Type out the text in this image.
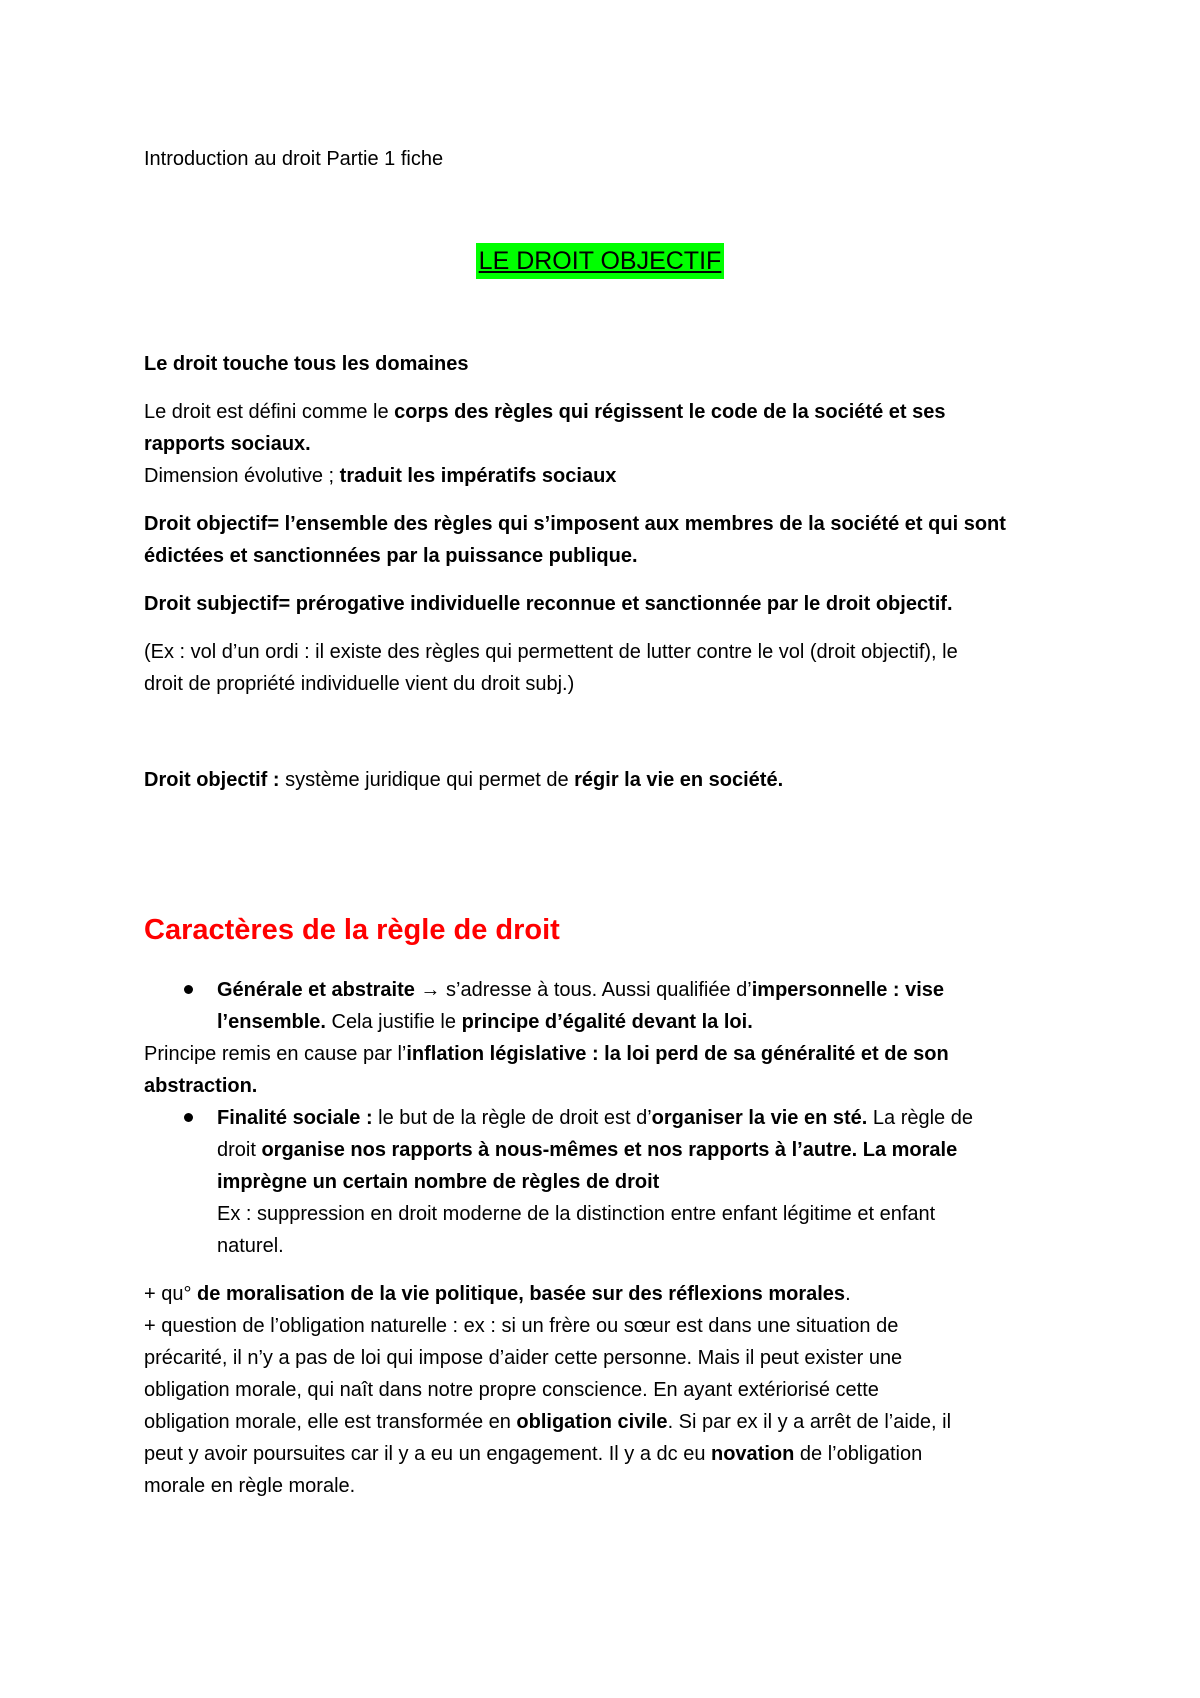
Introduction au droit Partie 1 fiche
LE DROIT OBJECTIF
Le droit touche tous les domaines
Le droit est défini comme le corps des règles qui régissent le code de la société et ses
rapports sociaux.
Dimension évolutive ; traduit les impératifs sociaux
Droit objectif= l’ensemble des règles qui s’imposent aux membres de la société et qui sont
édictées et sanctionnées par la puissance publique.
Droit subjectif= prérogative individuelle reconnue et sanctionnée par le droit objectif.
(Ex : vol d’un ordi : il existe des règles qui permettent de lutter contre le vol (droit objectif), le
droit de propriété individuelle vient du droit subj.)
Droit objectif : système juridique qui permet de régir la vie en société.
Caractères de la règle de droit
Générale et abstraite → s’adresse à tous. Aussi qualifiée d’impersonnelle : vise
l’ensemble. Cela justifie le principe d’égalité devant la loi.
Principe remis en cause par l’inflation législative : la loi perd de sa généralité et de son
abstraction.
Finalité sociale : le but de la règle de droit est d’organiser la vie en sté. La règle de
droit organise nos rapports à nous-mêmes et nos rapports à l’autre. La morale
imprègne un certain nombre de règles de droit
Ex : suppression en droit moderne de la distinction entre enfant légitime et enfant
naturel.
+ qu° de moralisation de la vie politique, basée sur des réflexions morales.
+ question de l’obligation naturelle : ex : si un frère ou sœur est dans une situation de
précarité, il n’y a pas de loi qui impose d’aider cette personne. Mais il peut exister une
obligation morale, qui naît dans notre propre conscience. En ayant extériorisé cette
obligation morale, elle est transformée en obligation civile. Si par ex il y a arrêt de l’aide, il
peut y avoir poursuites car il y a eu un engagement. Il y a dc eu novation de l’obligation
morale en règle morale.
